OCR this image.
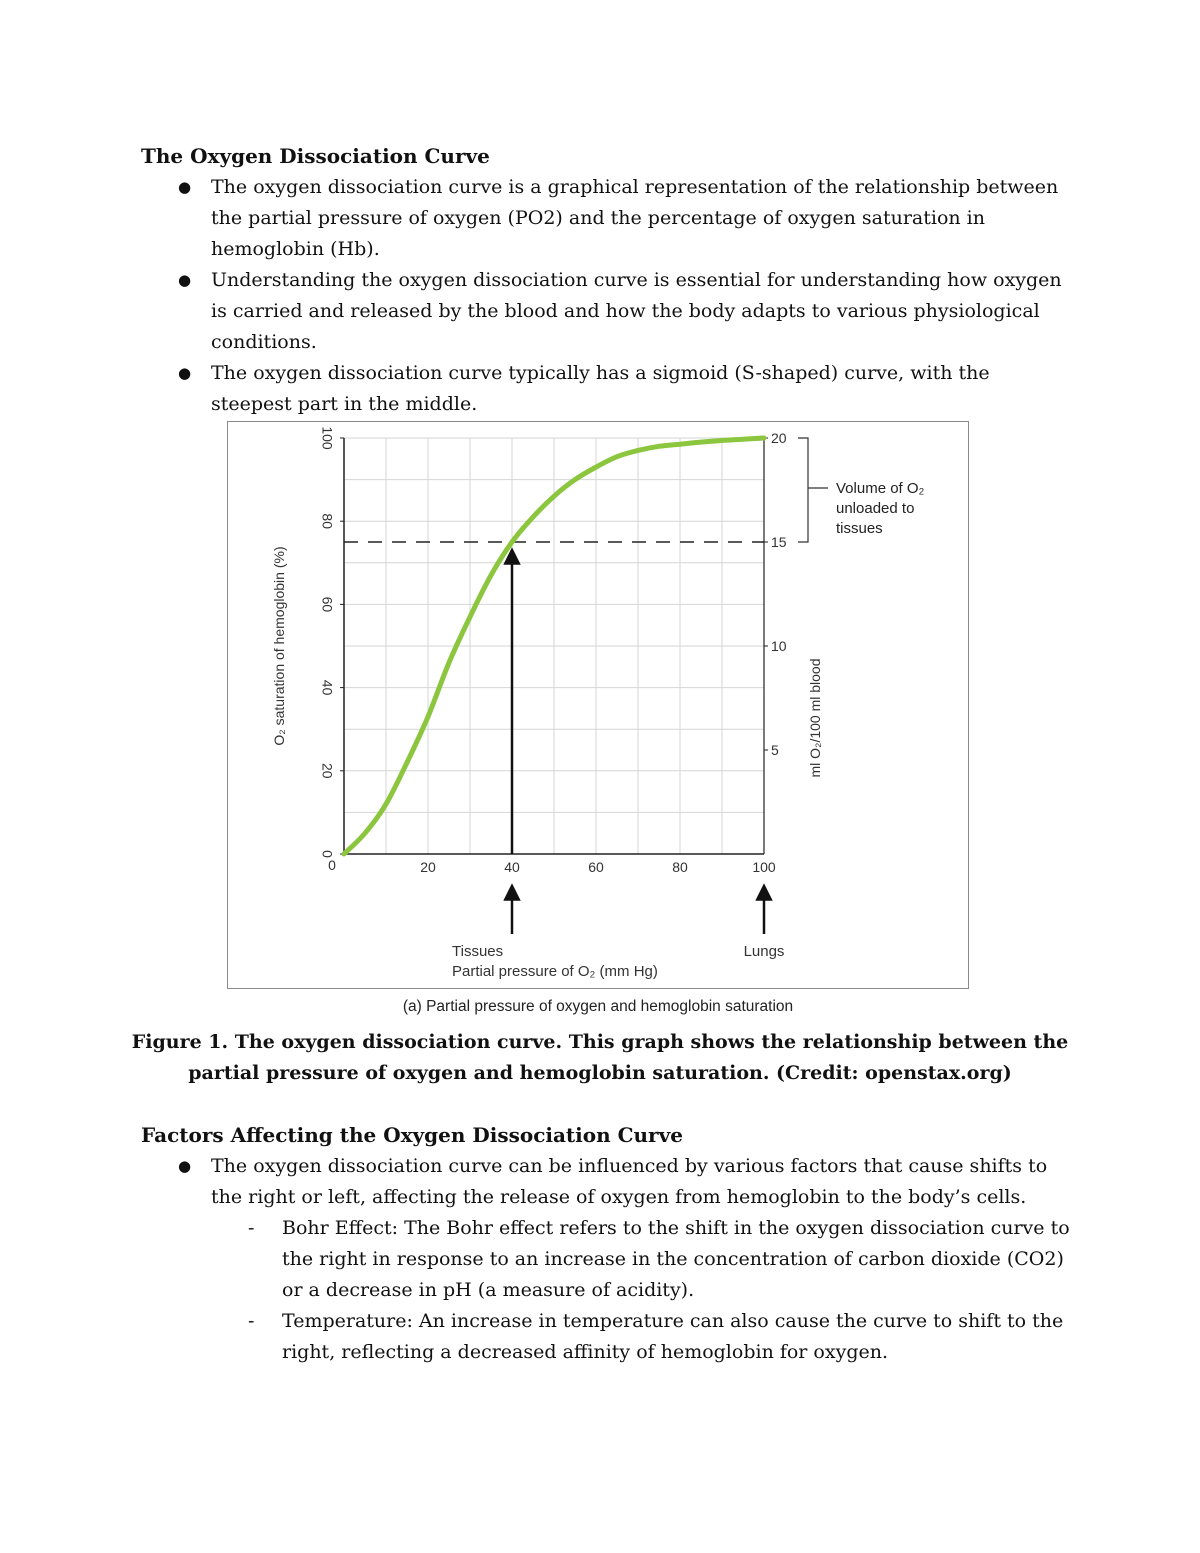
The Oxygen Dissociation Curve
● The oxygen dissociation curve is a graphical representation of the relationship between the partial pressure of oxygen (PO2) and the percentage of oxygen saturation in hemoglobin (Hb).
● Understanding the oxygen dissociation curve is essential for understanding how oxygen is carried and released by the blood and how the body adapts to various physiological conditions.
● The oxygen dissociation curve typically has a sigmoid (S-shaped) curve, with the steepest part in the middle.
0
20
40
60
80
100
0	20	40	60	80	100
5
10
15
20
O₂ saturation of hemoglobin (%)	ml O₂/100 ml blood
Volume of O₂
unloaded to
tissues
Tissues	Lungs
Partial pressure of O₂ (mm Hg)
(a) Partial pressure of oxygen and hemoglobin saturation
Figure 1. The oxygen dissociation curve. This graph shows the relationship between the partial pressure of oxygen and hemoglobin saturation. (Credit: openstax.org)
Factors Affecting the Oxygen Dissociation Curve
● The oxygen dissociation curve can be influenced by various factors that cause shifts to the right or left, affecting the release of oxygen from hemoglobin to the body’s cells.
- Bohr Effect: The Bohr effect refers to the shift in the oxygen dissociation curve to the right in response to an increase in the concentration of carbon dioxide (CO2) or a decrease in pH (a measure of acidity).
- Temperature: An increase in temperature can also cause the curve to shift to the right, reflecting a decreased affinity of hemoglobin for oxygen.
